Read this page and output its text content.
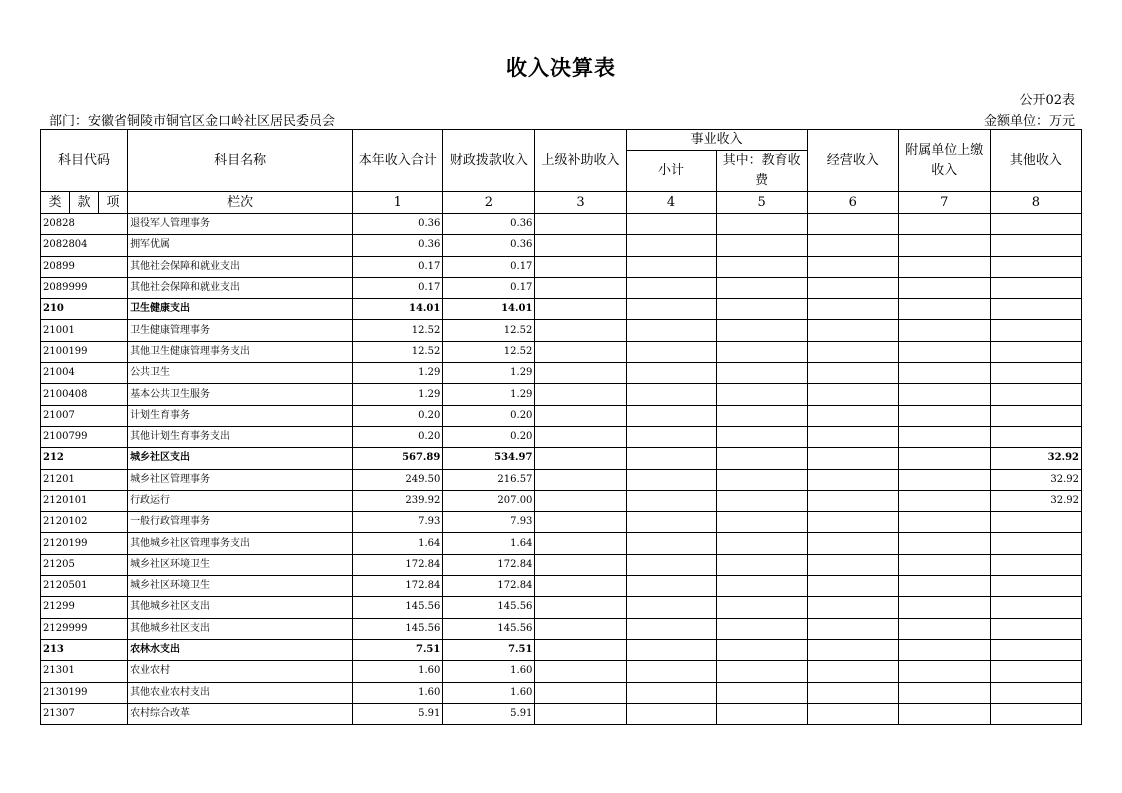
收入决算表
公开02表
部门：安徽省铜陵市铜官区金口岭社区居民委员会	金额单位：万元
科目代码			科目名称	本年收入合计	财政拨款收入	上级补助收入	事业收入		经营收入	附属单位上缴收入	其他收入
							小计	其中：教育收费			
类	款	项	栏次	1	2	3	4	5	6	7	8
20828			退役军人管理事务	0.36	0.36						
2082804			拥军优属	0.36	0.36						
20899			其他社会保障和就业支出	0.17	0.17						
2089999			其他社会保障和就业支出	0.17	0.17						
210			卫生健康支出	14.01	14.01						
21001			卫生健康管理事务	12.52	12.52						
2100199			其他卫生健康管理事务支出	12.52	12.52						
21004			公共卫生	1.29	1.29						
2100408			基本公共卫生服务	1.29	1.29						
21007			计划生育事务	0.20	0.20						
2100799			其他计划生育事务支出	0.20	0.20						
212			城乡社区支出	567.89	534.97						32.92
21201			城乡社区管理事务	249.50	216.57						32.92
2120101			行政运行	239.92	207.00						32.92
2120102			一般行政管理事务	7.93	7.93						
2120199			其他城乡社区管理事务支出	1.64	1.64						
21205			城乡社区环境卫生	172.84	172.84						
2120501			城乡社区环境卫生	172.84	172.84						
21299			其他城乡社区支出	145.56	145.56						
2129999			其他城乡社区支出	145.56	145.56						
213			农林水支出	7.51	7.51						
21301			农业农村	1.60	1.60						
2130199			其他农业农村支出	1.60	1.60						
21307			农村综合改革	5.91	5.91						
